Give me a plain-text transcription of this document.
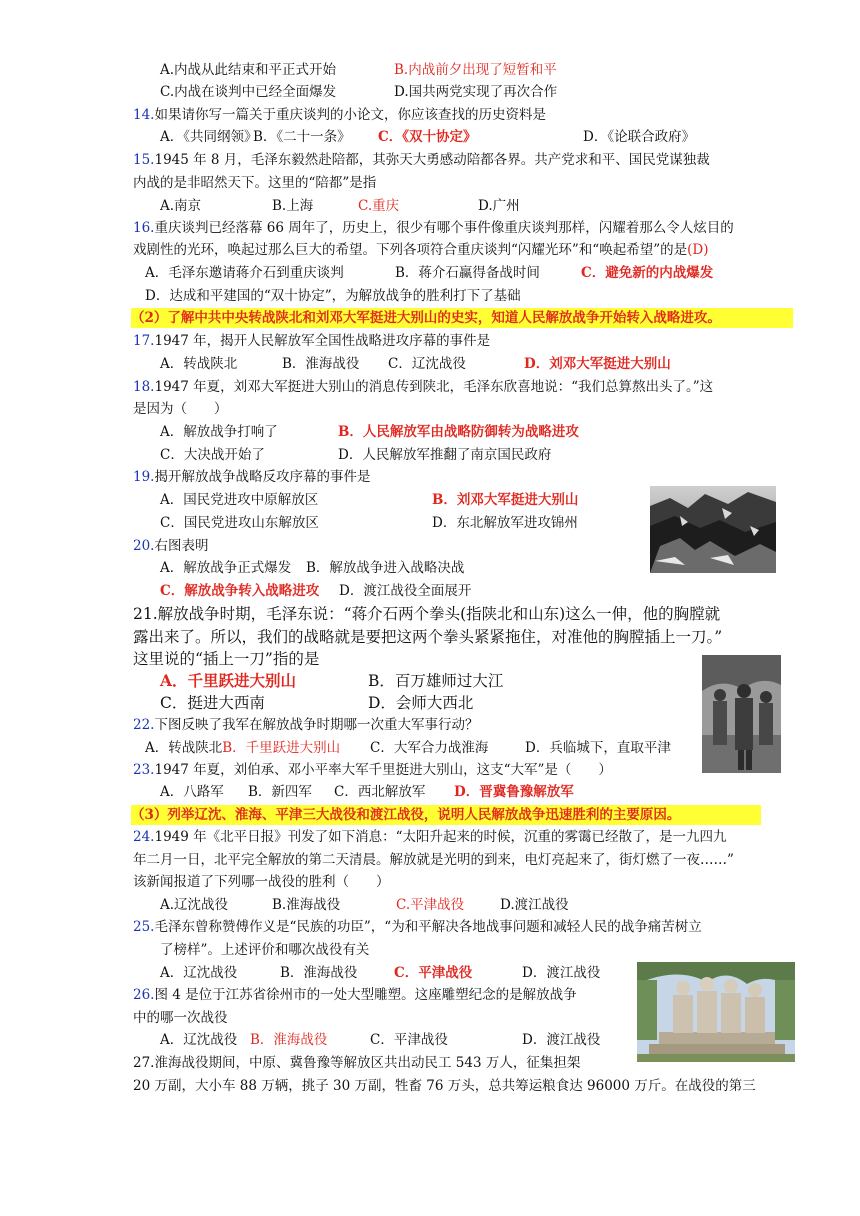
A.内战从此结束和平正式开始	B.内战前夕出现了短暂和平
C.内战在谈判中已经全面爆发	D.国共两党实现了再次合作
14.如果请你写一篇关于重庆谈判的小论文，你应该查找的历史资料是
A．《共同纲领》
B．《二十一条》 C．《双十协定》	D．《论联合政府》
15.1945 年 8 月，毛泽东毅然赴陪都，其弥天大勇感动陪都各界。共产党求和平、国民党谋独裁
内战的是非昭然天下。这里的“陪都”是指
A.南京	B.上海	C.重庆	D.广州
16.重庆谈判已经落幕 66 周年了，历史上，很少有哪个事件像重庆谈判那样，闪耀着那么令人炫目的
戏剧性的光环，唤起过那么巨大的希望。下列各项符合重庆谈判“闪耀光环”和“唤起希望”的是(D)
A．毛泽东邀请蒋介石到重庆谈判	B．蒋介石赢得备战时间	C．避免新的内战爆发
D．达成和平建国的“双十协定”，为解放战争的胜利打下了基础
（2）了解中共中央转战陕北和刘邓大军挺进大别山的史实，知道人民解放战争开始转入战略进攻。
17.1947 年，揭开人民解放军全国性战略进攻序幕的事件是
A．转战陕北	B．淮海战役 C．辽沈战役	D．刘邓大军挺进大别山
18.1947 年夏，刘邓大军挺进大别山的消息传到陕北，毛泽东欣喜地说：“我们总算熬出头了。”这
是因为（　　）
A．解放战争打响了	B．人民解放军由战略防御转为战略进攻
C．大决战开始了	D．人民解放军推翻了南京国民政府
19.揭开解放战争战略反攻序幕的事件是
A．国民党进攻中原解放区	B．刘邓大军挺进大别山
C．国民党进攻山东解放区	D．东北解放军进攻锦州
20.右图表明
A．解放战争正式爆发 B．解放战争进入战略决战
C．解放战争转入战略进攻 D．渡江战役全面展开
21.解放战争时期，毛泽东说：“蒋介石两个拳头(指陕北和山东)这么一伸，他的胸膛就
露出来了。所以，我们的战略就是要把这两个拳头紧紧拖住，对准他的胸膛插上一刀。”
这里说的“插上一刀”指的是
A．千里跃进大别山	B．百万雄师过大江
C．挺进大西南	D．会师大西北
22.下图反映了我军在解放战争时期哪一次重大军事行动？
A．转战陕北B．千里跃进大别山 C．大军合力战淮海	D．兵临城下，直取平津
23.1947 年夏，刘伯承、邓小平率大军千里挺进大别山，这支“大军”是（　　）
A．八路军 B．新四军 C．西北解放军 D．晋冀鲁豫解放军
（3）列举辽沈、淮海、平津三大战役和渡江战役，说明人民解放战争迅速胜利的主要原因。
24.1949 年《北平日报》刊发了如下消息：“太阳升起来的时候，沉重的雾霭已经散了，是一九四九
年二月一日，北平完全解放的第二天清晨。解放就是光明的到来，电灯亮起来了，街灯燃了一夜……”
该新闻报道了下列哪一战役的胜利（　　）
A.辽沈战役	B.淮海战役	C.平津战役	D.渡江战役
25.毛泽东曾称赞傅作义是“民族的功臣”，“为和平解决各地战事问题和减轻人民的战争痛苦树立
了榜样”。上述评价和哪次战役有关
A．辽沈战役	B．淮海战役	C．平津战役	D．渡江战役
26.图 4 是位于江苏省徐州市的一处大型雕塑。这座雕塑纪念的是解放战争
中的哪一次战役
A．辽沈战役 B．淮海战役	C．平津战役	D．渡江战役
27.淮海战役期间，中原、冀鲁豫等解放区共出动民工 543 万人，征集担架
20 万副，大小车 88 万辆，挑子 30 万副，牲畜 76 万头，总共筹运粮食达 96000 万斤。在战役的第三
